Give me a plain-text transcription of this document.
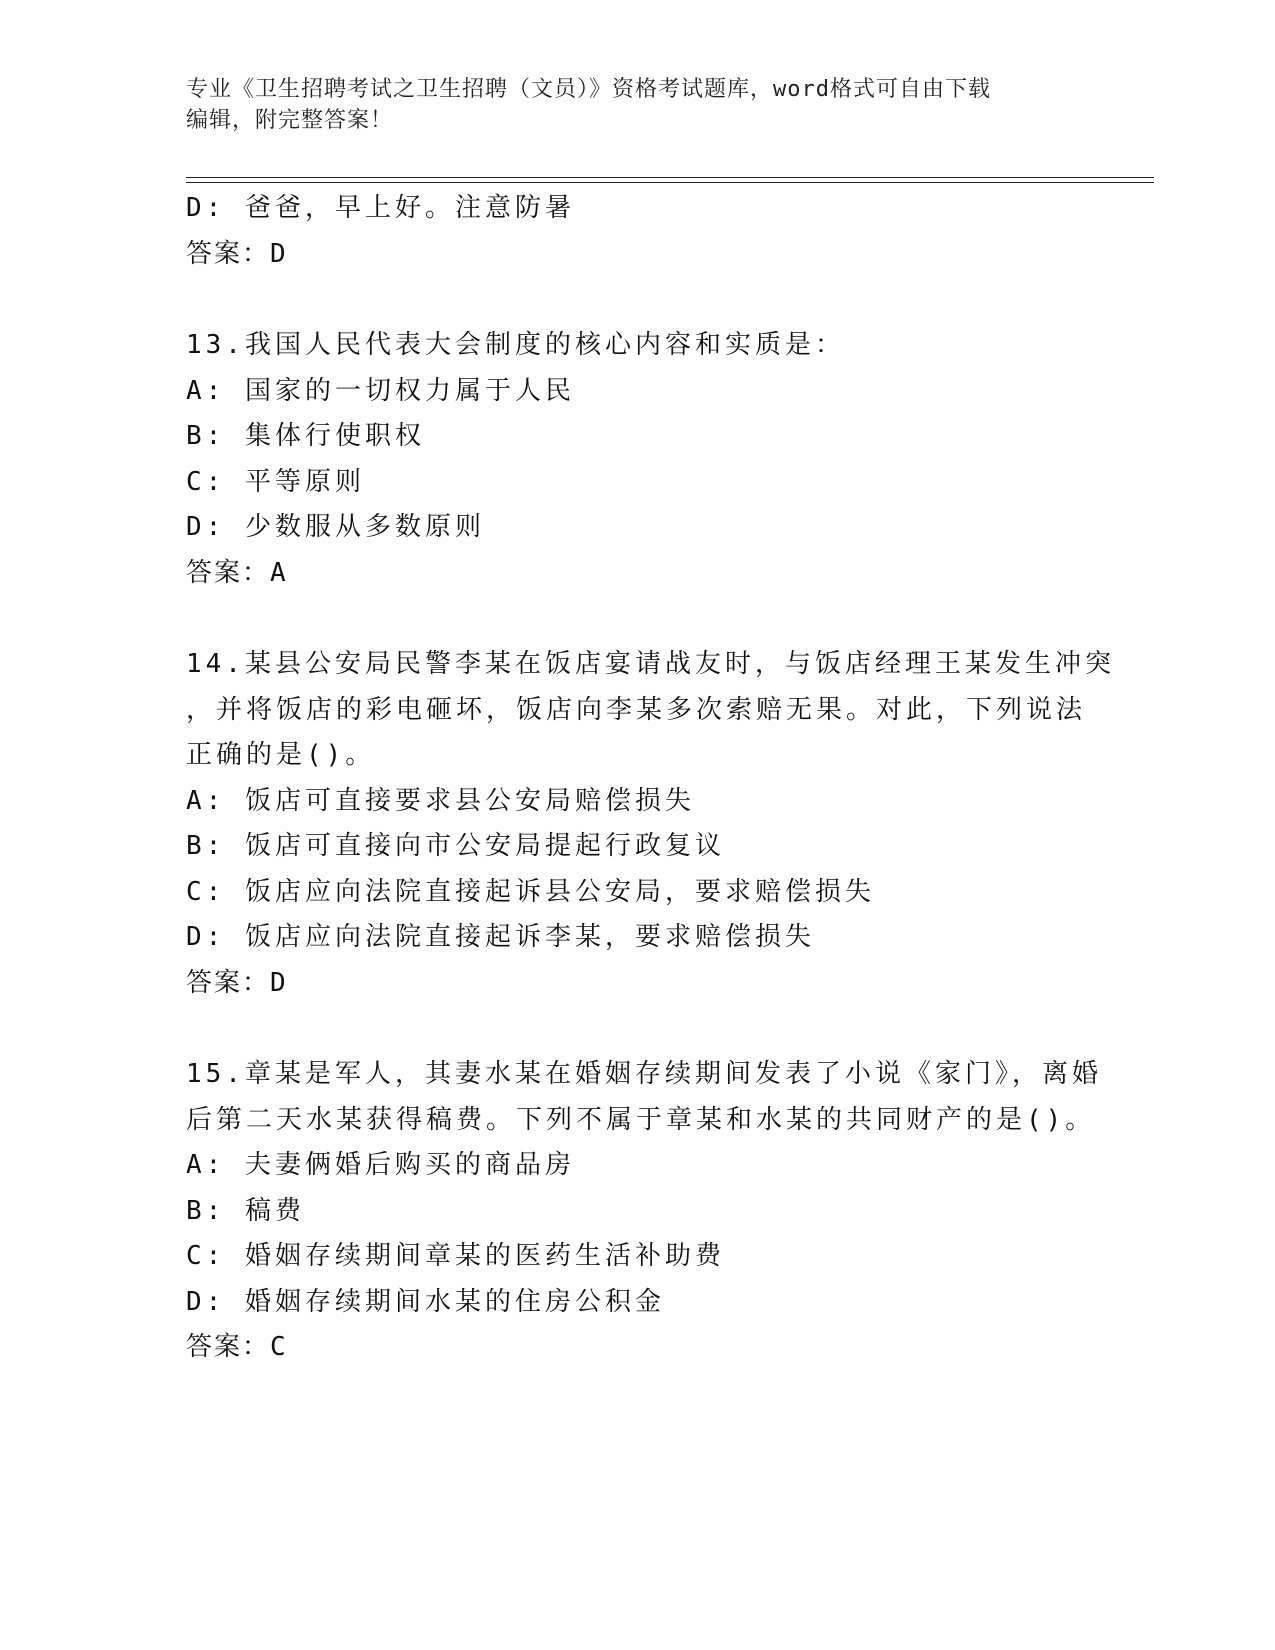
专业《卫生招聘考试之卫生招聘（文员）》资格考试题库，word格式可自由下载
编辑，附完整答案！
D: 爸爸，早上好。注意防暑
答案：D
13.我国人民代表大会制度的核心内容和实质是：
A: 国家的一切权力属于人民
B: 集体行使职权
C: 平等原则
D: 少数服从多数原则
答案：A
14.某县公安局民警李某在饭店宴请战友时，与饭店经理王某发生冲突
，并将饭店的彩电砸坏，饭店向李某多次索赔无果。对此，下列说法
正确的是()。
A: 饭店可直接要求县公安局赔偿损失
B: 饭店可直接向市公安局提起行政复议
C: 饭店应向法院直接起诉县公安局，要求赔偿损失
D: 饭店应向法院直接起诉李某，要求赔偿损失
答案：D
15.章某是军人，其妻水某在婚姻存续期间发表了小说《家门》，离婚
后第二天水某获得稿费。下列不属于章某和水某的共同财产的是()。
A: 夫妻俩婚后购买的商品房
B: 稿费
C: 婚姻存续期间章某的医药生活补助费
D: 婚姻存续期间水某的住房公积金
答案：C
